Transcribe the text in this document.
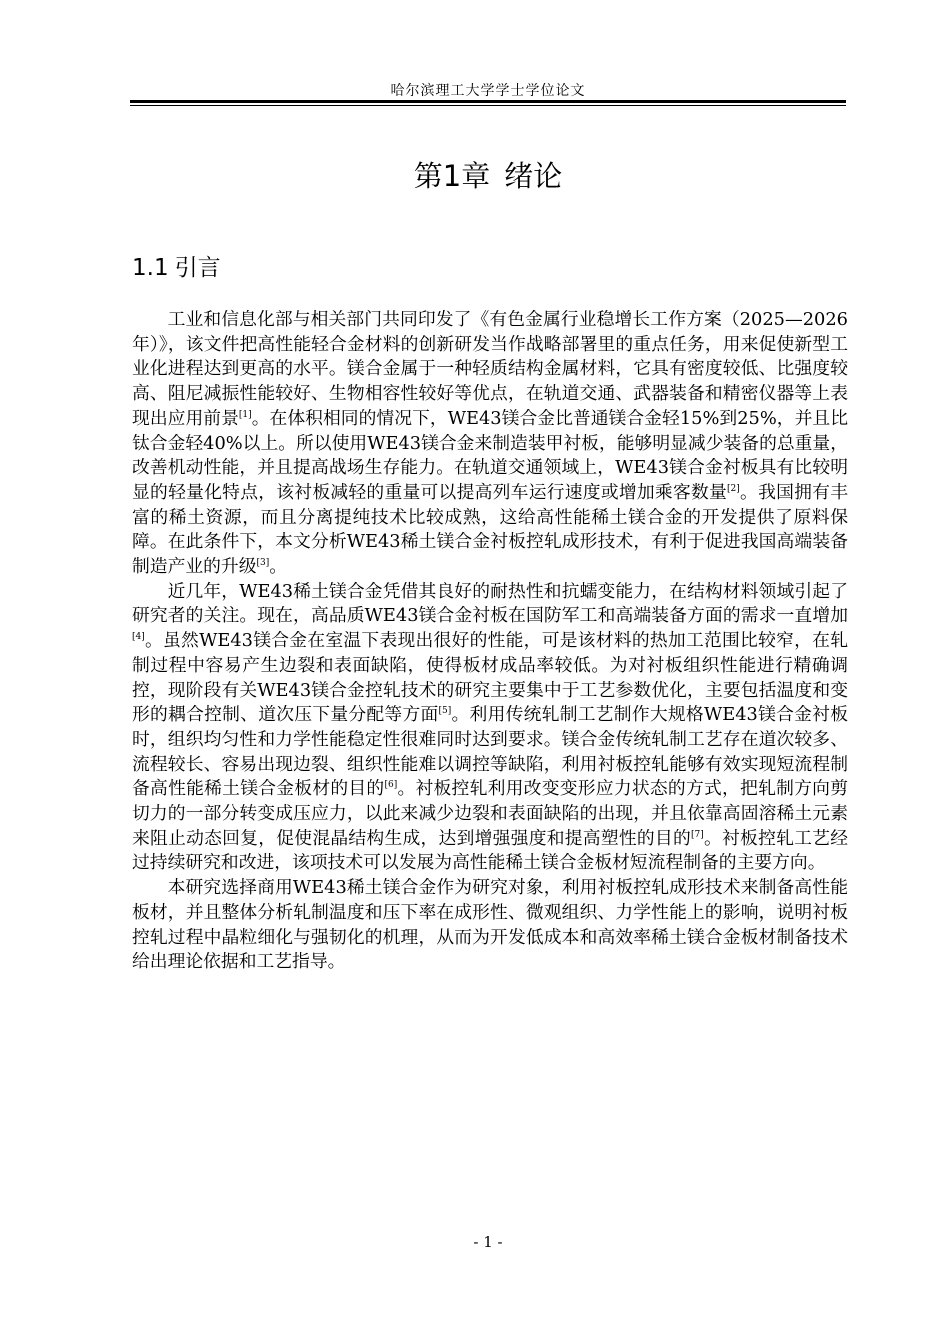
哈尔滨理工大学学士学位论文
第1章 绪论
1.1 引言

工业和信息化部与相关部门共同印发了《有色金属行业稳增长工作方案（2025—2026年）》，该文件把高性能轻合金材料的创新研发当作战略部署里的重点任务，用来促使新型工业化进程达到更高的水平。镁合金属于一种轻质结构金属材料，它具有密度较低、比强度较高、阻尼减振性能较好、生物相容性较好等优点，在轨道交通、武器装备和精密仪器等上表现出应用前景[1]。在体积相同的情况下，WE43镁合金比普通镁合金轻15%到25%，并且比钛合金轻40%以上。所以使用WE43镁合金来制造装甲衬板，能够明显减少装备的总重量，改善机动性能，并且提高战场生存能力。在轨道交通领域上，WE43镁合金衬板具有比较明显的轻量化特点，该衬板减轻的重量可以提高列车运行速度或增加乘客数量[2]。我国拥有丰富的稀土资源，而且分离提纯技术比较成熟，这给高性能稀土镁合金的开发提供了原料保障。在此条件下，本文分析WE43稀土镁合金衬板控轧成形技术，有利于促进我国高端装备制造产业的升级[3]。

近几年，WE43稀土镁合金凭借其良好的耐热性和抗蠕变能力，在结构材料领域引起了研究者的关注。现在，高品质WE43镁合金衬板在国防军工和高端装备方面的需求一直增加[4]。虽然WE43镁合金在室温下表现出很好的性能，可是该材料的热加工范围比较窄，在轧制过程中容易产生边裂和表面缺陷，使得板材成品率较低。为对衬板组织性能进行精确调控，现阶段有关WE43镁合金控轧技术的研究主要集中于工艺参数优化，主要包括温度和变形的耦合控制、道次压下量分配等方面[5]。利用传统轧制工艺制作大规格WE43镁合金衬板时，组织均匀性和力学性能稳定性很难同时达到要求。镁合金传统轧制工艺存在道次较多、流程较长、容易出现边裂、组织性能难以调控等缺陷，利用衬板控轧能够有效实现短流程制备高性能稀土镁合金板材的目的[6]。衬板控轧利用改变变形应力状态的方式，把轧制方向剪切力的一部分转变成压应力，以此来减少边裂和表面缺陷的出现，并且依靠高固溶稀土元素来阻止动态回复，促使混晶结构生成，达到增强强度和提高塑性的目的[7]。衬板控轧工艺经过持续研究和改进，该项技术可以发展为高性能稀土镁合金板材短流程制备的主要方向。

本研究选择商用WE43稀土镁合金作为研究对象，利用衬板控轧成形技术来制备高性能板材，并且整体分析轧制温度和压下率在成形性、微观组织、力学性能上的影响，说明衬板控轧过程中晶粒细化与强韧化的机理，从而为开发低成本和高效率稀土镁合金板材制备技术给出理论依据和工艺指导。

- 1 -
